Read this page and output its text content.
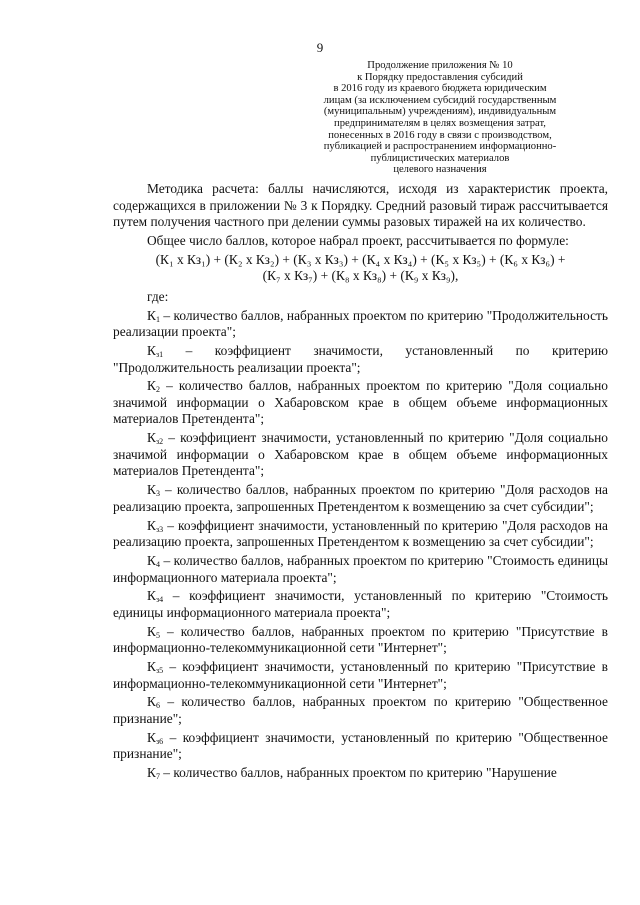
9
Продолжение приложения № 10
к Порядку предоставления субсидий
в 2016 году из краевого бюджета юридическим
лицам (за исключением субсидий государственным
(муниципальным) учреждениям), индивидуальным
предпринимателям в целях возмещения затрат,
понесенных в 2016 году в связи с производством,
публикацией и распространением информационно-
публицистических материалов
целевого назначения

Методика расчета: баллы начисляются, исходя из характеристик проекта, содержащихся в приложении № 3 к Порядку. Средний разовый тираж рассчитывается путем получения частного при делении суммы разовых тиражей на их количество.

Общее число баллов, которое набрал проект, рассчитывается по формуле:

(К₁ x Кз₁) + (К₂ x Кз₂) + (К₃ x Кз₃) + (К₄ x Кз₄) + (К₅ x Кз₅) + (К₆ x Кз₆) +
(К₇ x Кз₇) + (К₈ x Кз₈) + (К₉ x Кз₉),
где:

$К_1$ – количество баллов, набранных проектом по критерию "Продолжительность реализации проекта";

$К_{з1}$ – коэффициент значимости, установленный по критерию "Продолжительность реализации проекта";

$К_2$ – количество баллов, набранных проектом по критерию "Доля социально значимой информации о Хабаровском крае в общем объеме информационных материалов Претендента";

$К_{з2}$ – коэффициент значимости, установленный по критерию "Доля социально значимой информации о Хабаровском крае в общем объеме информационных материалов Претендента";

$К_3$ – количество баллов, набранных проектом по критерию "Доля расходов на реализацию проекта, запрошенных Претендентом к возмещению за счет субсидии";

$К_{з3}$ – коэффициент значимости, установленный по критерию "Доля расходов на реализацию проекта, запрошенных Претендентом к возмещению за счет субсидии";

$К_4$ – количество баллов, набранных проектом по критерию "Стоимость единицы информационного материала проекта";

$К_{з4}$ – коэффициент значимости, установленный по критерию "Стоимость единицы информационного материала проекта";

$К_5$ – количество баллов, набранных проектом по критерию "Присутствие в информационно-телекоммуникационной сети "Интернет";

$К_{з5}$ – коэффициент значимости, установленный по критерию "Присутствие в информационно-телекоммуникационной сети "Интернет";

$К_6$ – количество баллов, набранных проектом по критерию "Общественное признание";

$К_{з6}$ – коэффициент значимости, установленный по критерию "Общественное признание";

$К_7$ – количество баллов, набранных проектом по критерию "Нарушение
